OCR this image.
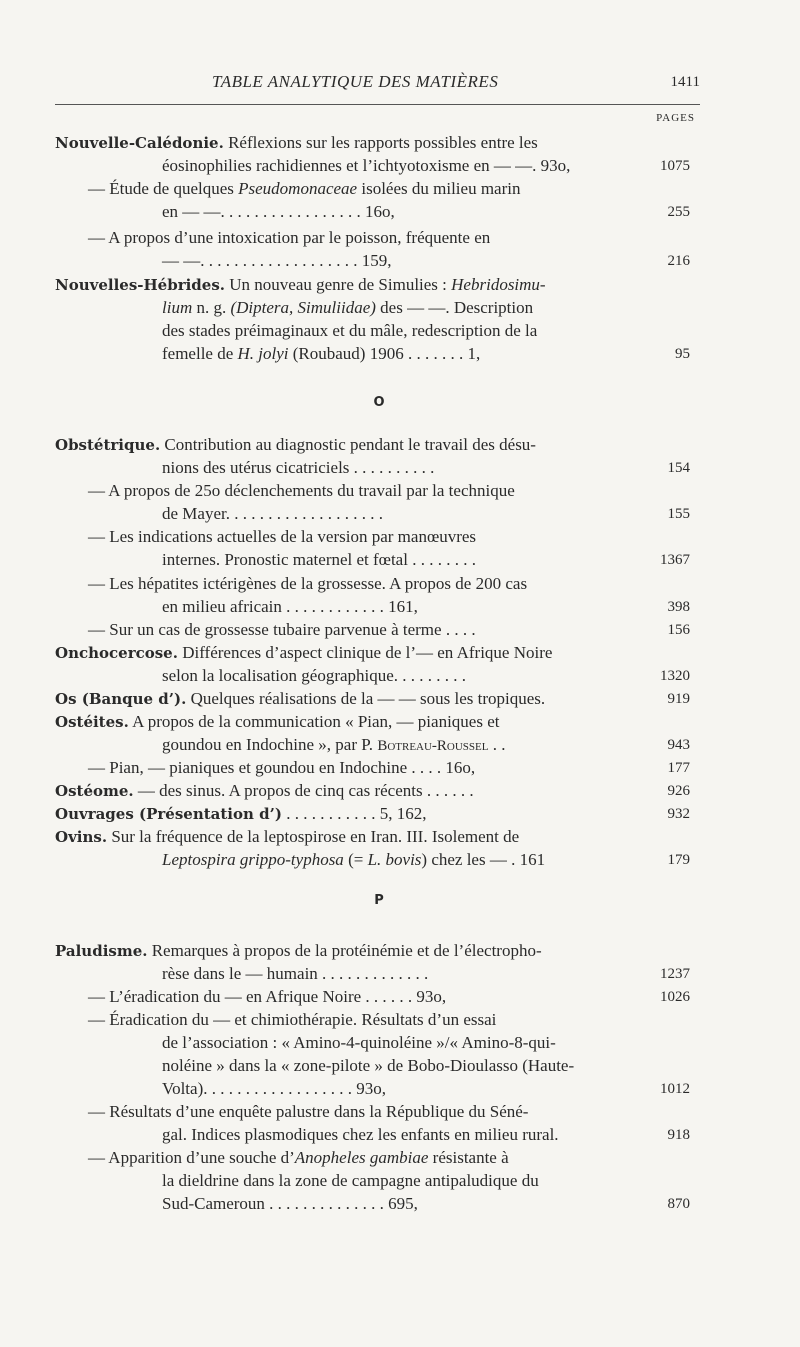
TABLE ANALYTIQUE DES MATIÈRES	1411
PAGES
O
P
Nouvelle-Calédonie. Réflexions sur les rapports possibles entre les
éosinophilies rachidiennes et l’ichtyotoxisme en — —. 93o,	1075
— Étude de quelques Pseudomonaceae isolées du milieu marin
en — —. . . . . . . . . . . . . . . . . 16o,	255
— A propos d’une intoxication par le poisson, fréquente en
— —. . . . . . . . . . . . . . . . . . . 159,	216
Nouvelles-Hébrides. Un nouveau genre de Simulies : Hebridosimu-
lium n. g. (Diptera, Simuliidae) des — —. Description
des stades préimaginaux et du mâle, redescription de la
femelle de H. jolyi (Roubaud) 1906 . . . . . . . 1,	95
Obstétrique. Contribution au diagnostic pendant le travail des désu-
nions des utérus cicatriciels . . . . . . . . . .	154
— A propos de 25o déclenchements du travail par la technique
de Mayer. . . . . . . . . . . . . . . . . . .	155
— Les indications actuelles de la version par manœuvres
internes. Pronostic maternel et fœtal . . . . . . . .	1367
— Les hépatites ictérigènes de la grossesse. A propos de 200 cas
en milieu africain . . . . . . . . . . . . 161,	398
— Sur un cas de grossesse tubaire parvenue à terme . . . .	156
Onchocercose. Différences d’aspect clinique de l’— en Afrique Noire
selon la localisation géographique. . . . . . . . .	1320
Os (Banque d’). Quelques réalisations de la — — sous les tropiques.	919
Ostéites. A propos de la communication « Pian, — pianiques et
goundou en Indochine », par P. Botreau-Roussel . .	943
— Pian, — pianiques et goundou en Indochine . . . . 16o,	177
Ostéome. — des sinus. A propos de cinq cas récents . . . . . .	926
Ouvrages (Présentation d’) . . . . . . . . . . . 5, 162,	932
Ovins. Sur la fréquence de la leptospirose en Iran. III. Isolement de
Leptospira grippo-typhosa (= L. bovis) chez les — . 161	179
Paludisme. Remarques à propos de la protéinémie et de l’électropho-
rèse dans le — humain . . . . . . . . . . . . .	1237
— L’éradication du — en Afrique Noire . . . . . . 93o,	1026
— Éradication du — et chimiothérapie. Résultats d’un essai
de l’association : « Amino-4-quinoléine »/« Amino-8-qui-
noléine » dans la « zone-pilote » de Bobo-Dioulasso (Haute-
Volta). . . . . . . . . . . . . . . . . . 93o,	1012
— Résultats d’une enquête palustre dans la République du Séné-
gal. Indices plasmodiques chez les enfants en milieu rural.	918
— Apparition d’une souche d’Anopheles gambiae résistante à
la dieldrine dans la zone de campagne antipaludique du
Sud-Cameroun . . . . . . . . . . . . . . 695,	870
